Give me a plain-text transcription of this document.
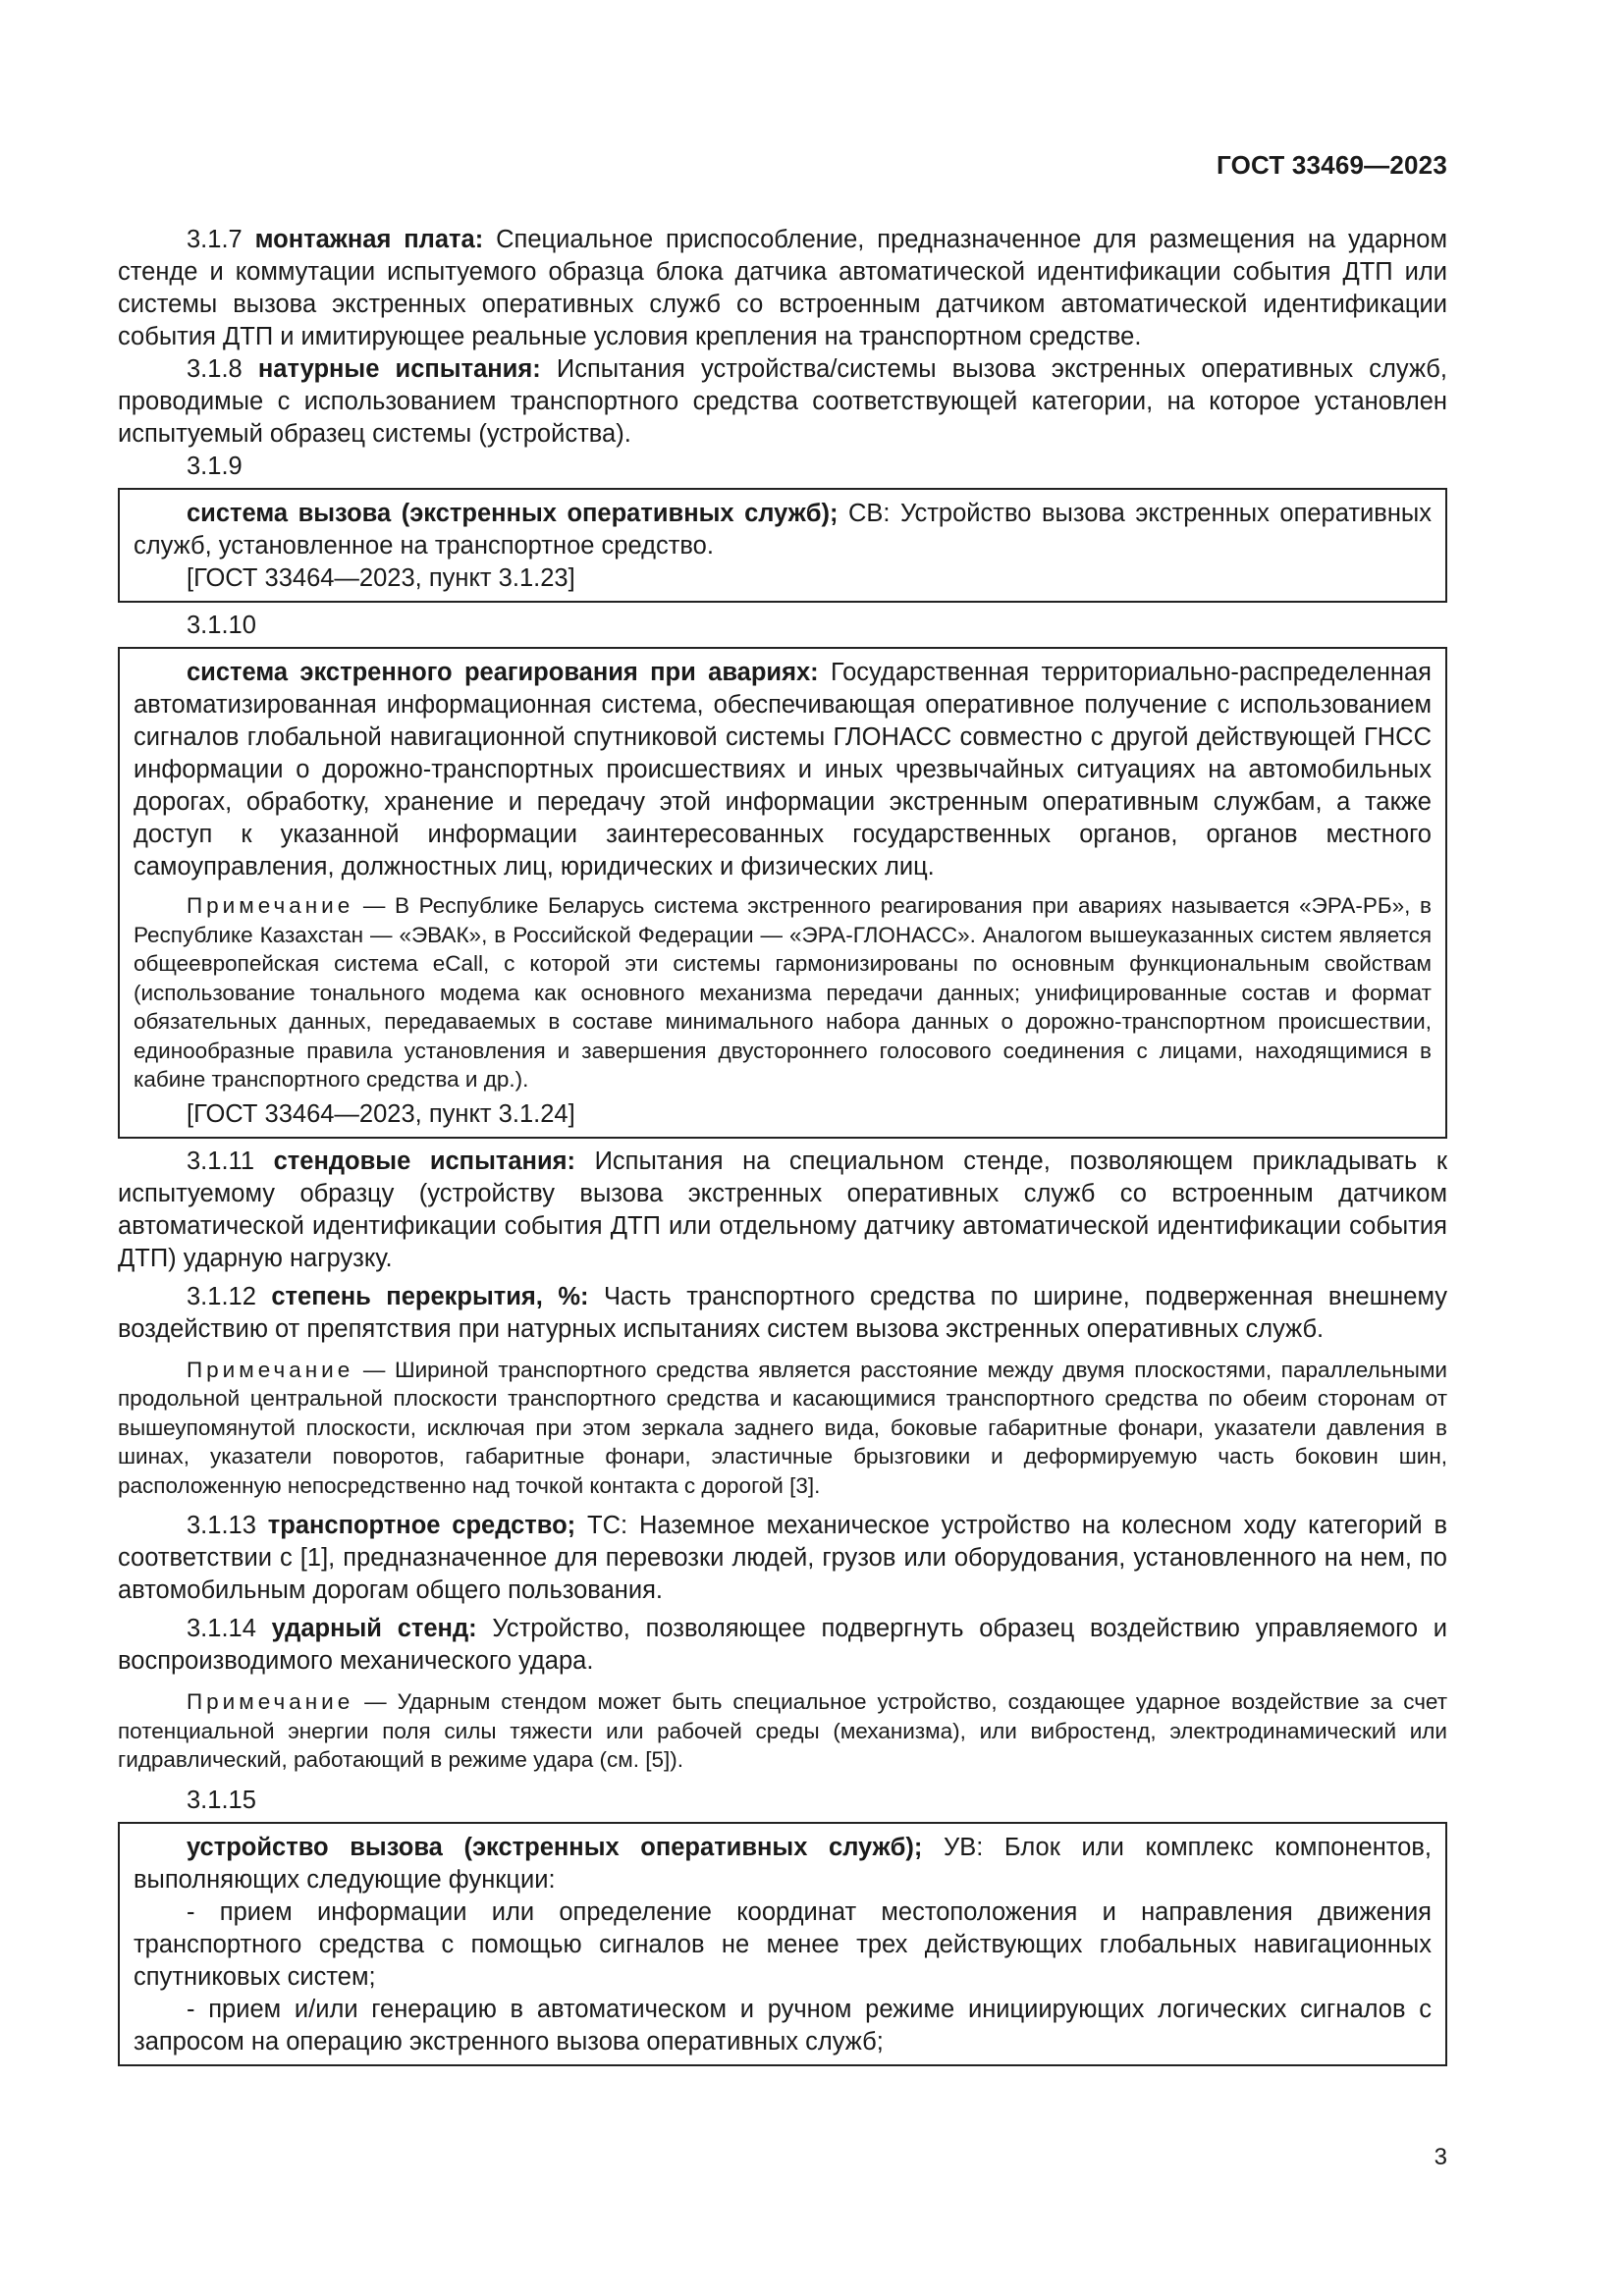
ГОСТ 33469—2023

3.1.7 монтажная плата: Специальное приспособление, предназначенное для размещения на ударном стенде и коммутации испытуемого образца блока датчика автоматической идентификации события ДТП или системы вызова экстренных оперативных служб со встроенным датчиком автоматической идентификации события ДТП и имитирующее реальные условия крепления на транспортном средстве.

3.1.8 натурные испытания: Испытания устройства/системы вызова экстренных оперативных служб, проводимые с использованием транспортного средства соответствующей категории, на которое установлен испытуемый образец системы (устройства).

3.1.9

система вызова (экстренных оперативных служб); СВ: Устройство вызова экстренных оперативных служб, установленное на транспортное средство.

[ГОСТ 33464—2023, пункт 3.1.23]

3.1.10

система экстренного реагирования при авариях: Государственная территориально-распределенная автоматизированная информационная система, обеспечивающая оперативное получение с использованием сигналов глобальной навигационной спутниковой системы ГЛОНАСС совместно с другой действующей ГНСС информации о дорожно-транспортных происшествиях и иных чрезвычайных ситуациях на автомобильных дорогах, обработку, хранение и передачу этой информации экстренным оперативным службам, а также доступ к указанной информации заинтересованных государственных органов, органов местного самоуправления, должностных лиц, юридических и физических лиц.

Примечание — В Республике Беларусь система экстренного реагирования при авариях называется «ЭРА-РБ», в Республике Казахстан — «ЭВАК», в Российской Федерации — «ЭРА-ГЛОНАСС». Аналогом вышеуказанных систем является общеевропейская система eCall, с которой эти системы гармонизированы по основным функциональным свойствам (использование тонального модема как основного механизма передачи данных; унифицированные состав и формат обязательных данных, передаваемых в составе минимального набора данных о дорожно-транспортном происшествии, единообразные правила установления и завершения двустороннего голосового соединения с лицами, находящимися в кабине транспортного средства и др.).

[ГОСТ 33464—2023, пункт 3.1.24]

3.1.11 стендовые испытания: Испытания на специальном стенде, позволяющем прикладывать к испытуемому образцу (устройству вызова экстренных оперативных служб со встроенным датчиком автоматической идентификации события ДТП или отдельному датчику автоматической идентификации события ДТП) ударную нагрузку.

3.1.12 степень перекрытия, %: Часть транспортного средства по ширине, подверженная внешнему воздействию от препятствия при натурных испытаниях систем вызова экстренных оперативных служб.

Примечание — Шириной транспортного средства является расстояние между двумя плоскостями, параллельными продольной центральной плоскости транспортного средства и касающимися транспортного средства по обеим сторонам от вышеупомянутой плоскости, исключая при этом зеркала заднего вида, боковые габаритные фонари, указатели давления в шинах, указатели поворотов, габаритные фонари, эластичные брызговики и деформируемую часть боковин шин, расположенную непосредственно над точкой контакта с дорогой [3].

3.1.13 транспортное средство; ТС: Наземное механическое устройство на колесном ходу категорий в соответствии с [1], предназначенное для перевозки людей, грузов или оборудования, установленного на нем, по автомобильным дорогам общего пользования.

3.1.14 ударный стенд: Устройство, позволяющее подвергнуть образец воздействию управляемого и воспроизводимого механического удара.

Примечание — Ударным стендом может быть специальное устройство, создающее ударное воздействие за счет потенциальной энергии поля силы тяжести или рабочей среды (механизма), или вибростенд, электродинамический или гидравлический, работающий в режиме удара (см. [5]).

3.1.15

устройство вызова (экстренных оперативных служб); УВ: Блок или комплекс компонентов, выполняющих следующие функции:

- прием информации или определение координат местоположения и направления движения транспортного средства с помощью сигналов не менее трех действующих глобальных навигационных спутниковых систем;

- прием и/или генерацию в автоматическом и ручном режиме инициирующих логических сигналов с запросом на операцию экстренного вызова оперативных служб;

3
